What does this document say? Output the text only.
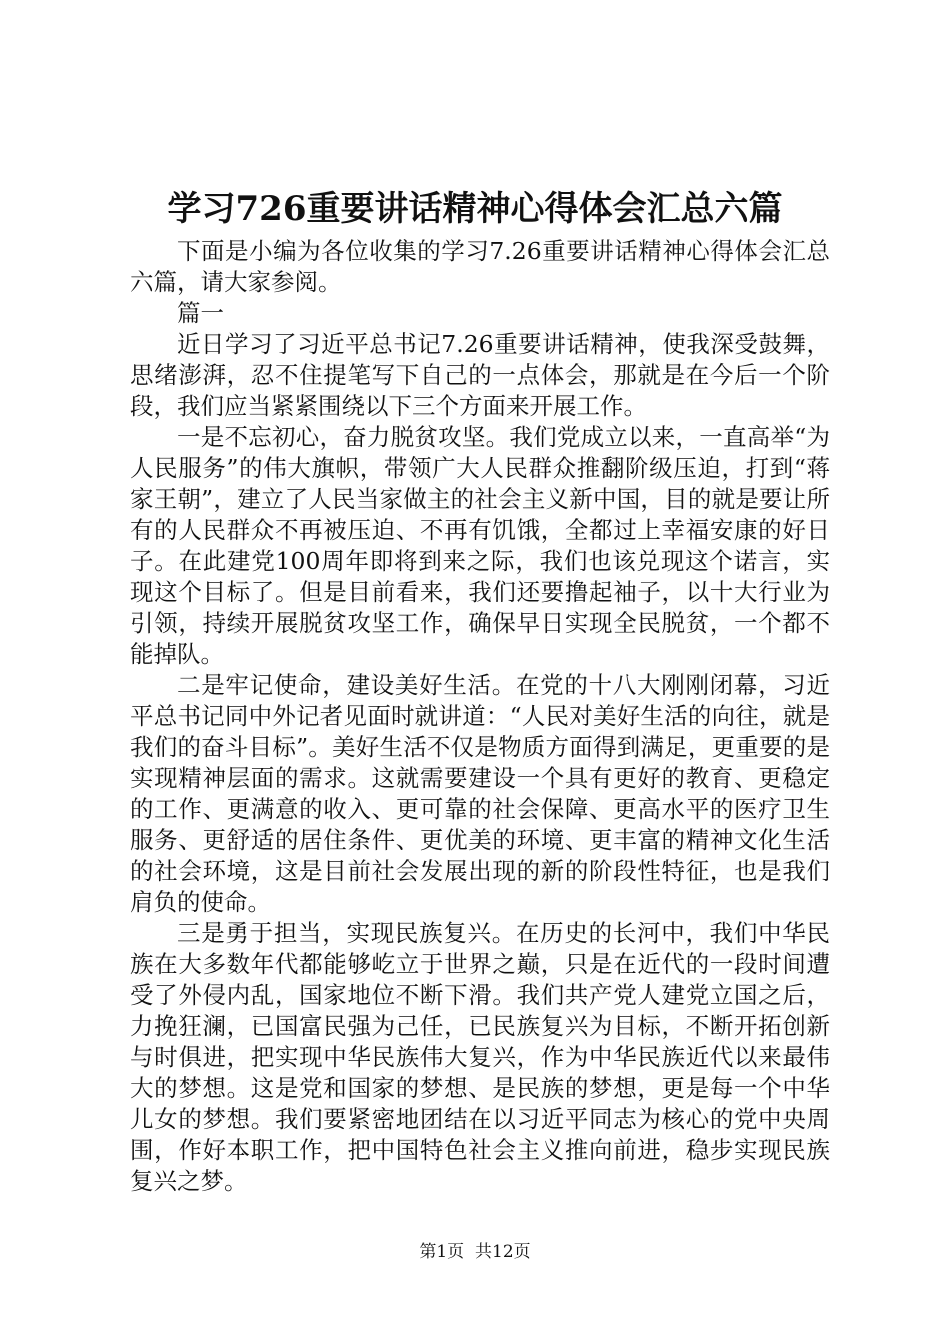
学习726重要讲话精神心得体会汇总六篇

下面是小编为各位收集的学习7.26重要讲话精神心得体会汇总六篇，请大家参阅。

篇一

近日学习了习近平总书记7.26重要讲话精神，使我深受鼓舞，思绪澎湃，忍不住提笔写下自己的一点体会，那就是在今后一个阶段，我们应当紧紧围绕以下三个方面来开展工作。

一是不忘初心，奋力脱贫攻坚。我们党成立以来，一直高举“为人民服务”的伟大旗帜，带领广大人民群众推翻阶级压迫，打到“蒋家王朝”，建立了人民当家做主的社会主义新中国，目的就是要让所有的人民群众不再被压迫、不再有饥饿，全都过上幸福安康的好日子。在此建党100周年即将到来之际，我们也该兑现这个诺言，实现这个目标了。但是目前看来，我们还要撸起袖子，以十大行业为引领，持续开展脱贫攻坚工作，确保早日实现全民脱贫，一个都不能掉队。

二是牢记使命，建设美好生活。在党的十八大刚刚闭幕，习近平总书记同中外记者见面时就讲道：“人民对美好生活的向往，就是我们的奋斗目标”。美好生活不仅是物质方面得到满足，更重要的是实现精神层面的需求。这就需要建设一个具有更好的教育、更稳定的工作、更满意的收入、更可靠的社会保障、更高水平的医疗卫生服务、更舒适的居住条件、更优美的环境、更丰富的精神文化生活的社会环境，这是目前社会发展出现的新的阶段性特征，也是我们肩负的使命。

三是勇于担当，实现民族复兴。在历史的长河中，我们中华民族在大多数年代都能够屹立于世界之巅，只是在近代的一段时间遭受了外侵内乱，国家地位不断下滑。我们共产党人建党立国之后，力挽狂澜，已国富民强为己任，已民族复兴为目标，不断开拓创新与时俱进，把实现中华民族伟大复兴，作为中华民族近代以来最伟大的梦想。这是党和国家的梦想、是民族的梦想，更是每一个中华儿女的梦想。我们要紧密地团结在以习近平同志为核心的党中央周围，作好本职工作，把中国特色社会主义推向前进，稳步实现民族复兴之梦。

第1页 共12页
